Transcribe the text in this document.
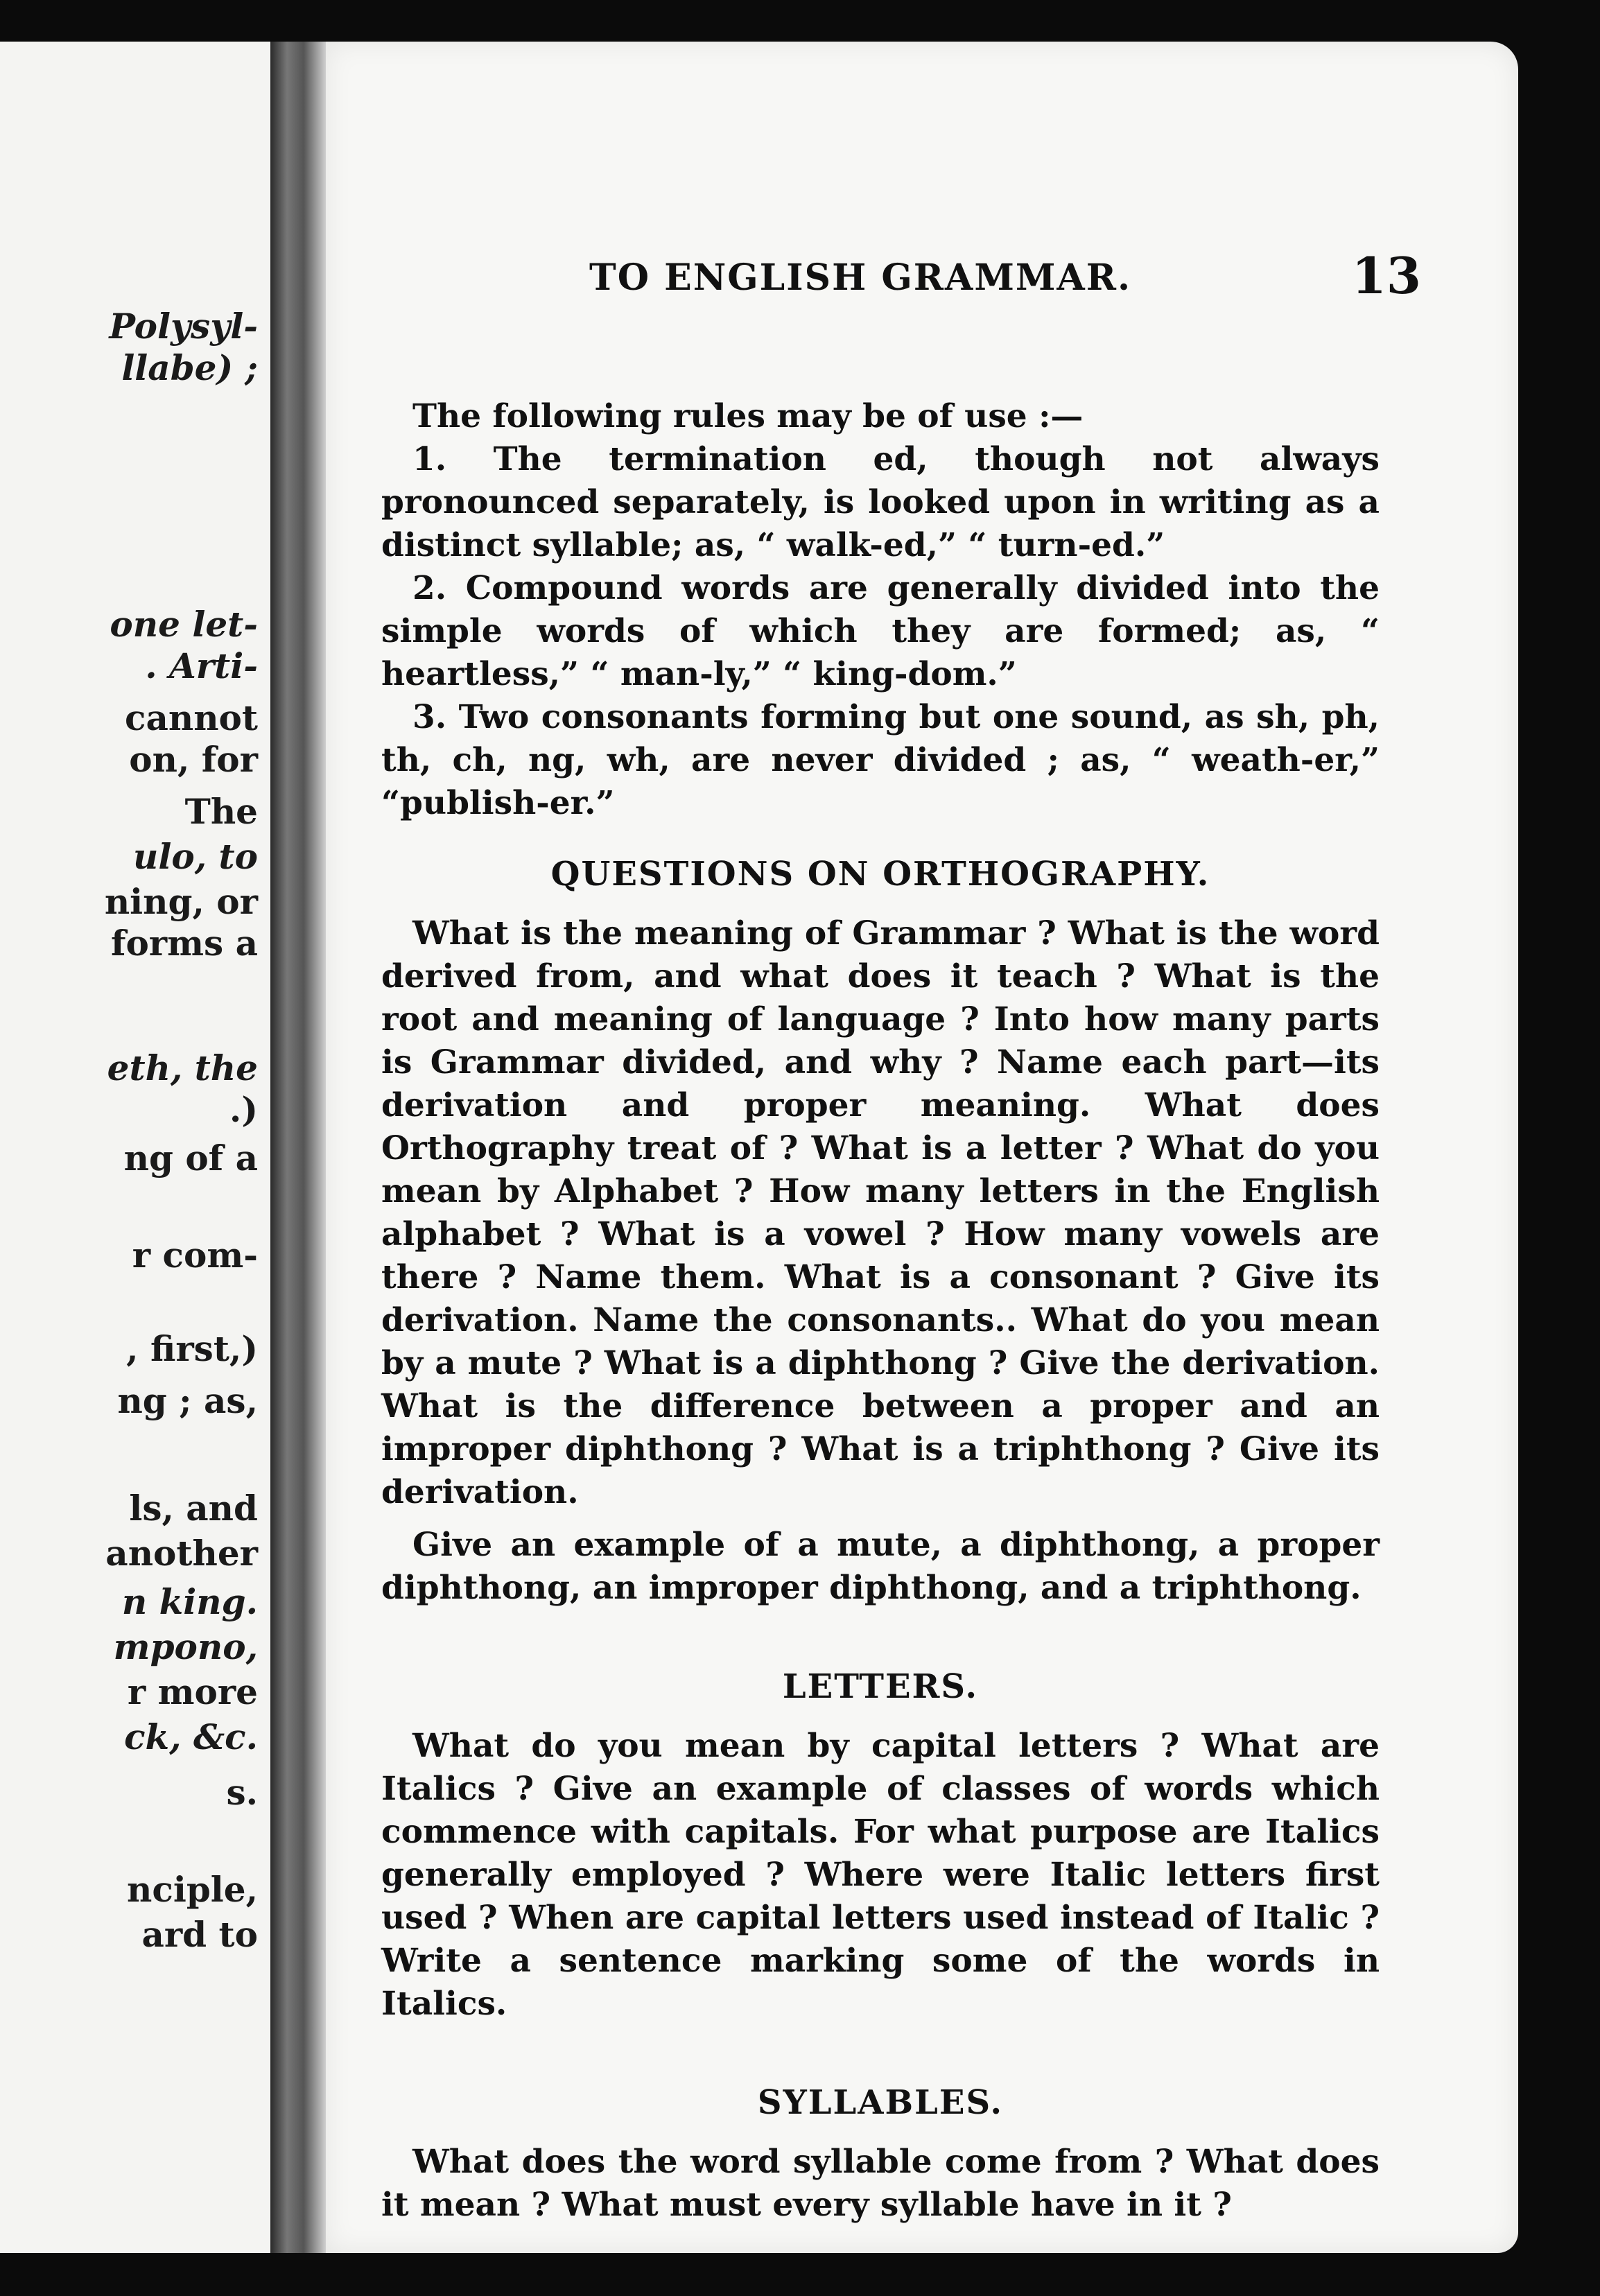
Polysyl-
llabe) ;
one let-
. Arti-
cannot
on, for
The
ulo, to
ning, or
forms a
eth, the
.)
ng of a
r com-
, first,)
ng ; as,
ls, and
another
n king.
mpono,
r more
ck, &c.
s.
nciple,
ard to
TO ENGLISH GRAMMAR.	13

The following rules may be of use :—

1. The termination ed, though not always pronounced separately, is looked upon in writing as a distinct syllable; as, “ walk-ed,” “ turn-ed.”

2. Compound words are generally divided into the simple words of which they are formed; as, “ heartless,” “ man-ly,” “ king-dom.”

3. Two consonants forming but one sound, as sh, ph, th, ch, ng, wh, are never divided ; as, “ weath-er,” “publish-er.”

QUESTIONS ON ORTHOGRAPHY.

What is the meaning of Grammar ? What is the word derived from, and what does it teach ? What is the root and meaning of language ? Into how many parts is Grammar divided, and why ? Name each part—its derivation and proper meaning. What does Orthography treat of ? What is a letter ? What do you mean by Alphabet ? How many letters in the English alphabet ? What is a vowel ? How many vowels are there ? Name them. What is a consonant ? Give its derivation. Name the consonants.. What do you mean by a mute ? What is a diphthong ? Give the derivation. What is the difference between a proper and an improper diphthong ? What is a triphthong ? Give its derivation.

Give an example of a mute, a diphthong, a proper diphthong, an improper diphthong, and a triphthong.

LETTERS.

What do you mean by capital letters ? What are Italics ? Give an example of classes of words which commence with capitals. For what purpose are Italics generally employed ? Where were Italic letters first used ? When are capital letters used instead of Italic ? Write a sentence marking some of the words in Italics.

SYLLABLES.

What does the word syllable come from ? What does it mean ? What must every syllable have in it ?
